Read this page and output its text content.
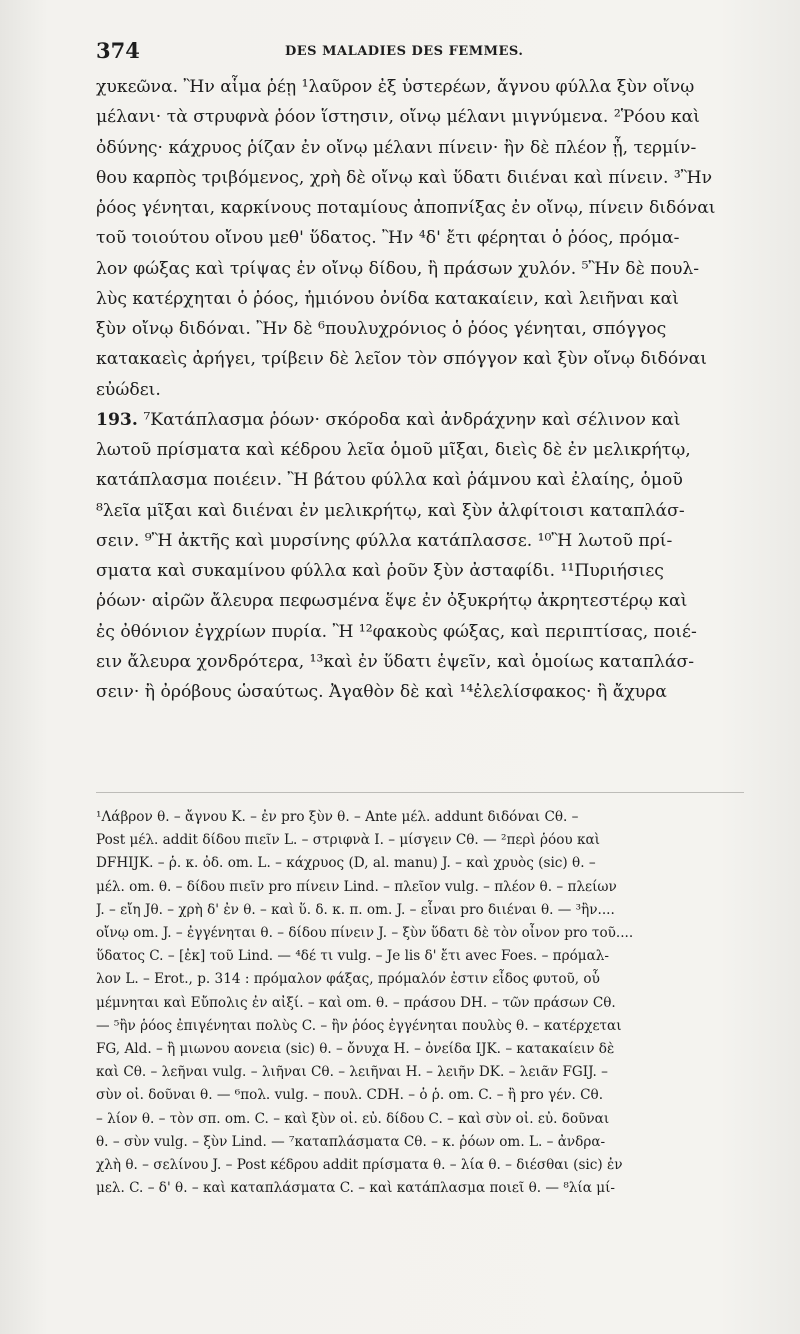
374	DES MALADIES DES FEMMES.
χυκεῶνα. Ἢν αἷμα ῥέῃ ¹λαῦρον ἐξ ὑστερέων, ἄγνου φύλλα ξὺν οἴνῳ
μέλανι· τὰ στρυφνὰ ῥόον ἵστησιν, οἴνῳ μέλανι μιγνύμενα. ²Ῥόου καὶ
ὀδύνης· κάχρυος ῥίζαν ἐν οἴνῳ μέλανι πίνειν· ἢν δὲ πλέον ᾖ, τερμίν-
θου καρπὸς τριβόμενος, χρὴ δὲ οἴνῳ καὶ ὕδατι διιέναι καὶ πίνειν. ³Ἢν
ῥόος γένηται, καρκίνους ποταμίους ἀποπνίξας ἐν οἴνῳ, πίνειν διδόναι
τοῦ τοιούτου οἴνου μεθ' ὕδατος. Ἢν ⁴δ' ἔτι φέρηται ὁ ῥόος, πρόμα-
λον φώξας καὶ τρίψας ἐν οἴνῳ δίδου, ἢ πράσων χυλόν. ⁵Ἢν δὲ πουλ-
λὺς κατέρχηται ὁ ῥόος, ἡμιόνου ὀνίδα κατακαίειν, καὶ λειῆναι καὶ
ξὺν οἴνῳ διδόναι. Ἢν δὲ ⁶πουλυχρόνιος ὁ ῥόος γένηται, σπόγγος
κατακαεὶς ἀρήγει, τρίβειν δὲ λεῖον τὸν σπόγγον καὶ ξὺν οἴνῳ διδόναι
εὐώδει.
193. ⁷Κατάπλασμα ῥόων· σκόροδα καὶ ἀνδράχνην καὶ σέλινον καὶ
λωτοῦ πρίσματα καὶ κέδρου λεῖα ὁμοῦ μῖξαι, διεὶς δὲ ἐν μελικρήτῳ,
κατάπλασμα ποιέειν. Ἢ βάτου φύλλα καὶ ῥάμνου καὶ ἐλαίης, ὁμοῦ
⁸λεῖα μῖξαι καὶ διιέναι ἐν μελικρήτῳ, καὶ ξὺν ἀλφίτοισι καταπλάσ-
σειν. ⁹Ἢ ἀκτῆς καὶ μυρσίνης φύλλα κατάπλασσε. ¹⁰Ἢ λωτοῦ πρί-
σματα καὶ συκαμίνου φύλλα καὶ ῥοῦν ξὺν ἀσταφίδι. ¹¹Πυριήσιες
ῥόων· αἰρῶν ἄλευρα πεφωσμένα ἕψε ἐν ὀξυκρήτῳ ἀκρητεστέρῳ καὶ
ἐς ὀθόνιον ἐγχρίων πυρία. Ἢ ¹²φακοὺς φώξας, καὶ περιπτίσας, ποιέ-
ειν ἄλευρα χονδρότερα, ¹³καὶ ἐν ὕδατι ἑψεῖν, καὶ ὁμοίως καταπλάσ-
σειν· ἢ ὀρόβους ὡσαύτως. Ἀγαθὸν δὲ καὶ ¹⁴ἐλελίσφακος· ἢ ἄχυρα
¹Λάβρον θ. – ἄγνου K. – ἐν pro ξὺν θ. – Ante μέλ. addunt διδόναι Cθ. –
Post μέλ. addit δίδου πιεῖν L. – στριφνὰ I. – μίσγειν Cθ. — ²περὶ ῥόου καὶ
DFHIJK. – ῥ. κ. ὀδ. om. L. – κάχρυος (D, al. manu) J. – καὶ χρυὸς (sic) θ. –
μέλ. om. θ. – δίδου πιεῖν pro πίνειν Lind. – πλεῖον vulg. – πλέον θ. – πλείων
J. – εἴη Jθ. – χρὴ δ' ἐν θ. – καὶ ὕ. δ. κ. π. om. J. – εἶναι pro διιέναι θ. — ³ἢν....
οἴνῳ om. J. – ἐγγένηται θ. – δίδου πίνειν J. – ξὺν ὕδατι δὲ τὸν οἶνον pro τοῦ....
ὕδατος C. – [ἐκ] τοῦ Lind. — ⁴δέ τι vulg. – Je lis δ' ἔτι avec Foes. – πρόμαλ-
λον L. – Erot., p. 314 : πρόμαλον φάξας, πρόμαλόν ἐστιν εἶδος φυτοῦ, οὗ
μέμνηται καὶ Εὔπολις ἐν αἰξί. – καὶ om. θ. – πράσου DH. – τῶν πράσων Cθ.
— ⁵ἢν ῥόος ἐπιγένηται πολὺς C. – ἢν ῥόος ἐγγένηται πουλὺς θ. – κατέρχεται
FG, Ald. – ἢ μιωνου αονεια (sic) θ. – ὄνυχα H. – ὀνείδα IJK. – κατακαίειν δὲ
καὶ Cθ. – λεῆναι vulg. – λιῆναι Cθ. – λειῆναι H. – λειῆν DK. – λειᾶν FGIJ. –
σὺν οἰ. δοῦναι θ. — ⁶πολ. vulg. – πουλ. CDH. – ὁ ῥ. om. C. – ἢ pro γέν. Cθ.
– λίον θ. – τὸν σπ. om. C. – καὶ ξὺν οἰ. εὐ. δίδου C. – καὶ σὺν οἰ. εὐ. δοῦναι
θ. – σὺν vulg. – ξὺν Lind. — ⁷καταπλάσματα Cθ. – κ. ῥόων om. L. – ἀνδρα-
χλὴ θ. – σελίνου J. – Post κέδρου addit πρίσματα θ. – λία θ. – διέσθαι (sic) ἐν
μελ. C. – δ' θ. – καὶ καταπλάσματα C. – καὶ κατάπλασμα ποιεῖ θ. — ⁸λία μί-
